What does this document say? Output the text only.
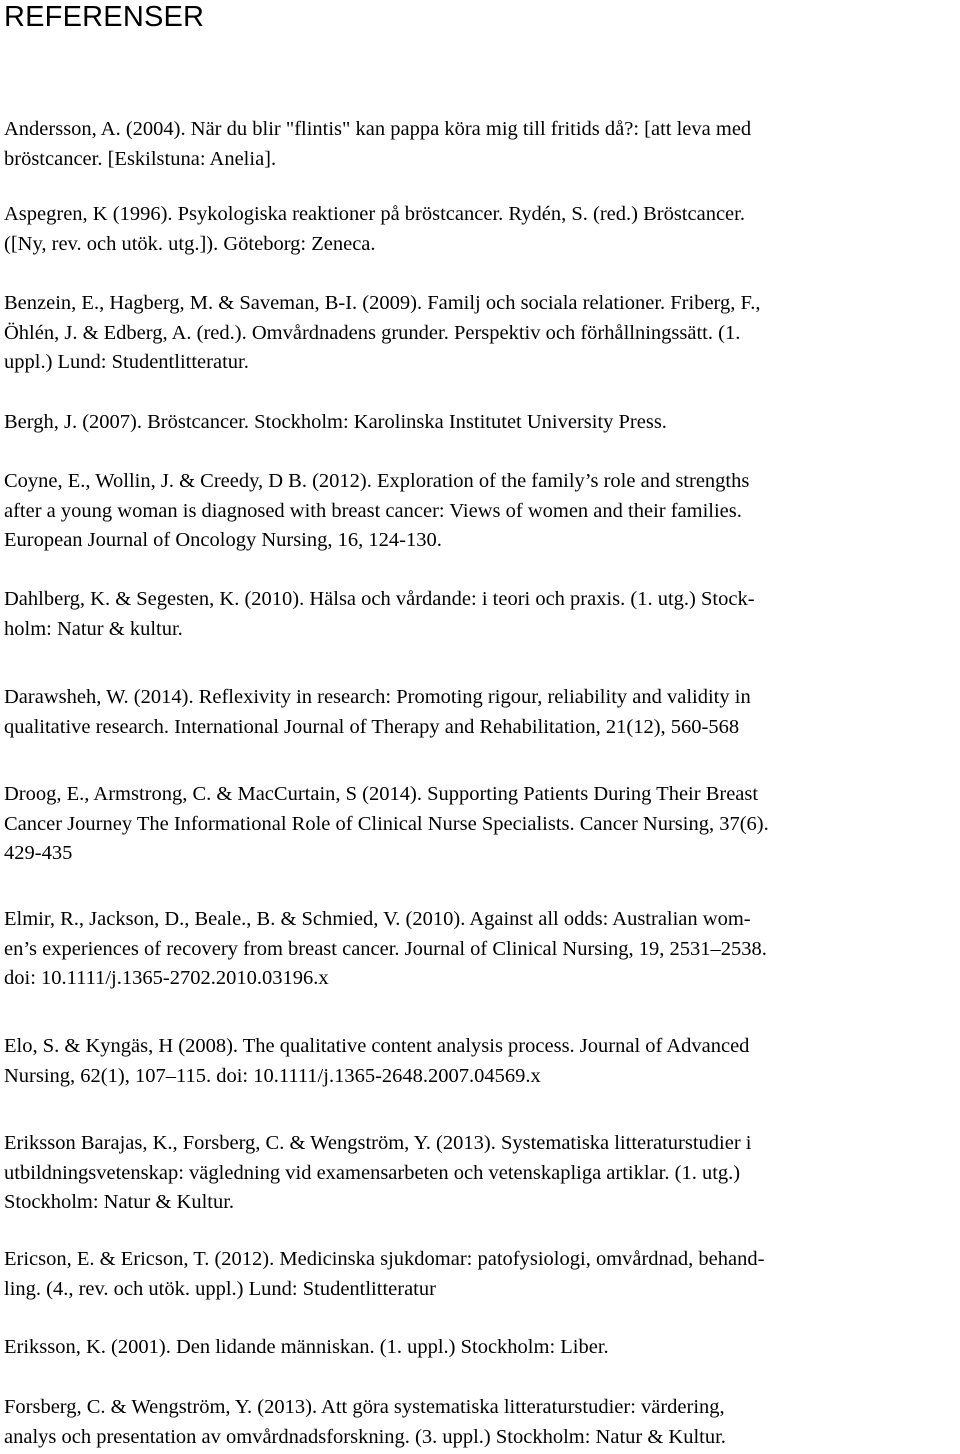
REFERENSER
Andersson, A. (2004). När du blir "flintis" kan pappa köra mig till fritids då?: [att leva med
bröstcancer. [Eskilstuna: Anelia].
Aspegren, K (1996). Psykologiska reaktioner på bröstcancer. Rydén, S. (red.) Bröstcancer.
([Ny, rev. och utök. utg.]). Göteborg: Zeneca.
Benzein, E., Hagberg, M. & Saveman, B-I. (2009). Familj och sociala relationer. Friberg, F.,
Öhlén, J. & Edberg, A. (red.). Omvårdnadens grunder. Perspektiv och förhållningssätt. (1.
uppl.) Lund: Studentlitteratur.
Bergh, J. (2007). Bröstcancer. Stockholm: Karolinska Institutet University Press.
Coyne, E., Wollin, J. & Creedy, D B. (2012). Exploration of the family’s role and strengths
after a young woman is diagnosed with breast cancer: Views of women and their families.
European Journal of Oncology Nursing, 16, 124-130.
Dahlberg, K. & Segesten, K. (2010). Hälsa och vårdande: i teori och praxis. (1. utg.) Stock-
holm: Natur & kultur.
Darawsheh, W. (2014). Reflexivity in research: Promoting rigour, reliability and validity in
qualitative research. International Journal of Therapy and Rehabilitation, 21(12), 560-568
Droog, E., Armstrong, C. & MacCurtain, S (2014). Supporting Patients During Their Breast
Cancer Journey The Informational Role of Clinical Nurse Specialists. Cancer Nursing, 37(6).
429-435
Elmir, R., Jackson, D., Beale., B. & Schmied, V. (2010). Against all odds: Australian wom-
en’s experiences of recovery from breast cancer. Journal of Clinical Nursing, 19, 2531–2538.
doi: 10.1111/j.1365-2702.2010.03196.x
Elo, S. & Kyngäs, H (2008). The qualitative content analysis process. Journal of Advanced
Nursing, 62(1), 107–115. doi: 10.1111/j.1365-2648.2007.04569.x
Eriksson Barajas, K., Forsberg, C. & Wengström, Y. (2013). Systematiska litteraturstudier i
utbildningsvetenskap: vägledning vid examensarbeten och vetenskapliga artiklar. (1. utg.)
Stockholm: Natur & Kultur.
Ericson, E. & Ericson, T. (2012). Medicinska sjukdomar: patofysiologi, omvårdnad, behand-
ling. (4., rev. och utök. uppl.) Lund: Studentlitteratur
Eriksson, K. (2001). Den lidande människan. (1. uppl.) Stockholm: Liber.
Forsberg, C. & Wengström, Y. (2013). Att göra systematiska litteraturstudier: värdering,
analys och presentation av omvårdnadsforskning. (3. uppl.) Stockholm: Natur & Kultur.
